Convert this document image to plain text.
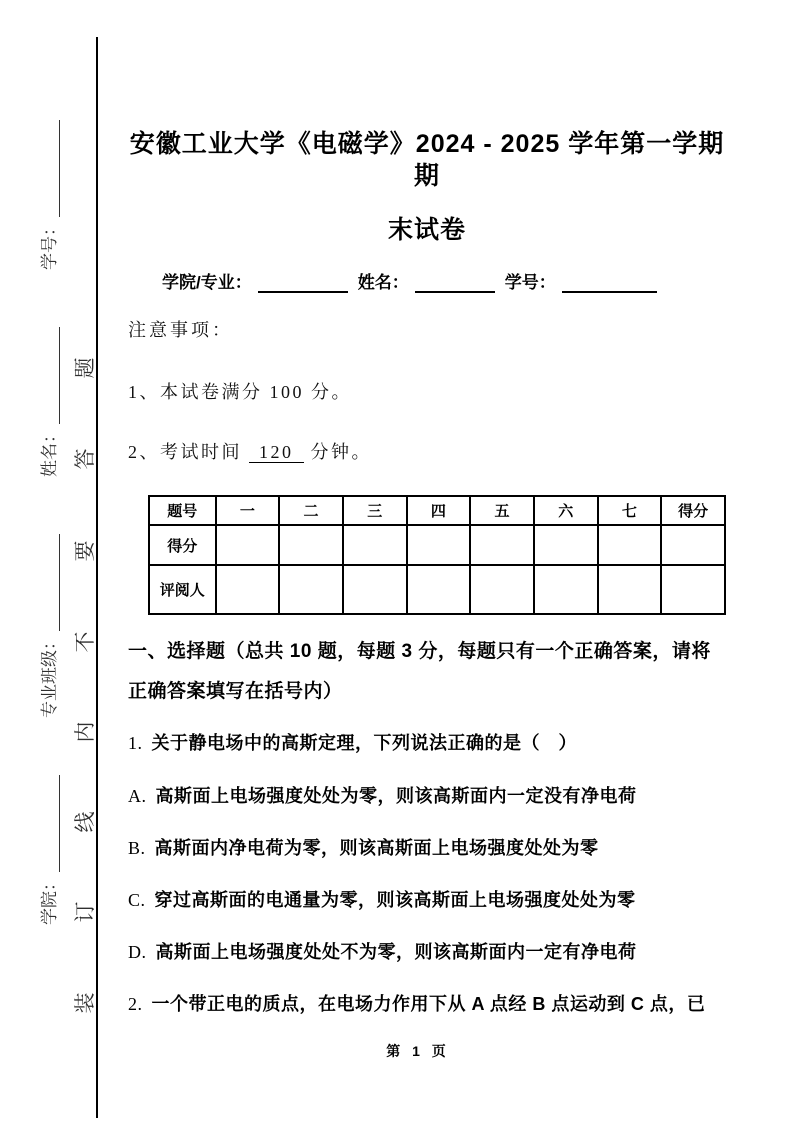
题
答
要
不
内
线
订
装
学院：
专业班级：
姓名：
学号：
安徽工业大学《电磁学》2024 - 2025 学年第一学期期
末试卷
学院/专业：	姓名：	学号：
注意事项：
1、本试卷满分 100 分。
2、考试时间 120 分钟。
题号	一	二	三	四	五	六	七	得分
得分								
评阅人								
一、选择题（总共 10 题，每题 3 分，每题只有一个正确答案，请将正确答案填写在括号内）
1. 关于静电场中的高斯定理，下列说法正确的是（　）
A. 高斯面上电场强度处处为零，则该高斯面内一定没有净电荷
B. 高斯面内净电荷为零，则该高斯面上电场强度处处为零
C. 穿过高斯面的电通量为零，则该高斯面上电场强度处处为零
D. 高斯面上电场强度处处不为零，则该高斯面内一定有净电荷
2. 一个带正电的质点，在电场力作用下从 A 点经 B 点运动到 C 点，已
第 1 页
